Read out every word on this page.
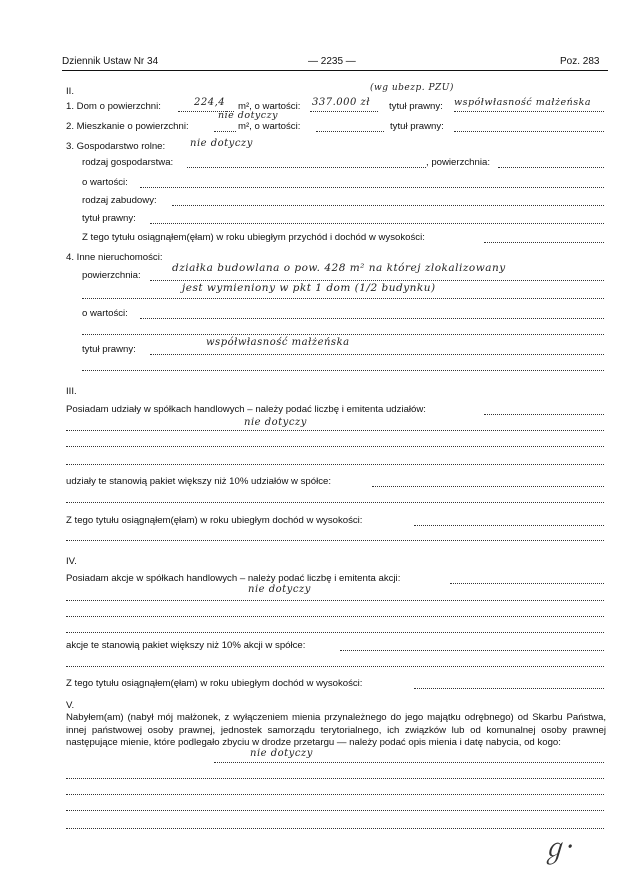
Dziennik Ustaw Nr 34	— 2235 —	Poz. 283
II.
1. Dom o powierzchni:	224,4 m², o wartości: 337.000 zł
(wg ubezp. PZU)
tytuł prawny: współwłasność małżeńska
2. Mieszkanie o powierzchni:
nie dotyczy
m², o wartości:	tytuł prawny:
3. Gospodarstwo rolne: nie dotyczy
rodzaj gospodarstwa:	, powierzchnia:
o wartości:
rodzaj zabudowy:
tytuł prawny:
Z tego tytułu osiągnąłem(ęłam) w roku ubiegłym przychód i dochód w wysokości:
4. Inne nieruchomości:
powierzchnia:
działka budowlana o pow. 428 m² na której zlokalizowany
jest wymieniony w pkt 1 dom (1/2 budynku)
o wartości:
tytuł prawny:
współwłasność małżeńska
III.
Posiadam udziały w spółkach handlowych – należy podać liczbę i emitenta udziałów:
nie dotyczy
udziały te stanowią pakiet większy niż 10% udziałów w spółce:
Z tego tytułu osiągnąłem(ęłam) w roku ubiegłym dochód w wysokości:
IV.
Posiadam akcje w spółkach handlowych – należy podać liczbę i emitenta akcji:
nie dotyczy
akcje te stanowią pakiet większy niż 10% akcji w spółce:
Z tego tytułu osiągnąłem(ęłam) w roku ubiegłym dochód w wysokości:
V.
Nabyłem(am) (nabył mój małżonek, z wyłączeniem mienia przynależnego do jego majątku odrębnego) od Skarbu Państwa, innej państwowej osoby prawnej, jednostek samorządu terytorialnego, ich związków lub od komunalnej osoby prawnej następujące mienie, które podlegało zbyciu w drodze przetargu — należy podać opis mienia i datę nabycia, od kogo:
nie dotyczy
ℊ·
